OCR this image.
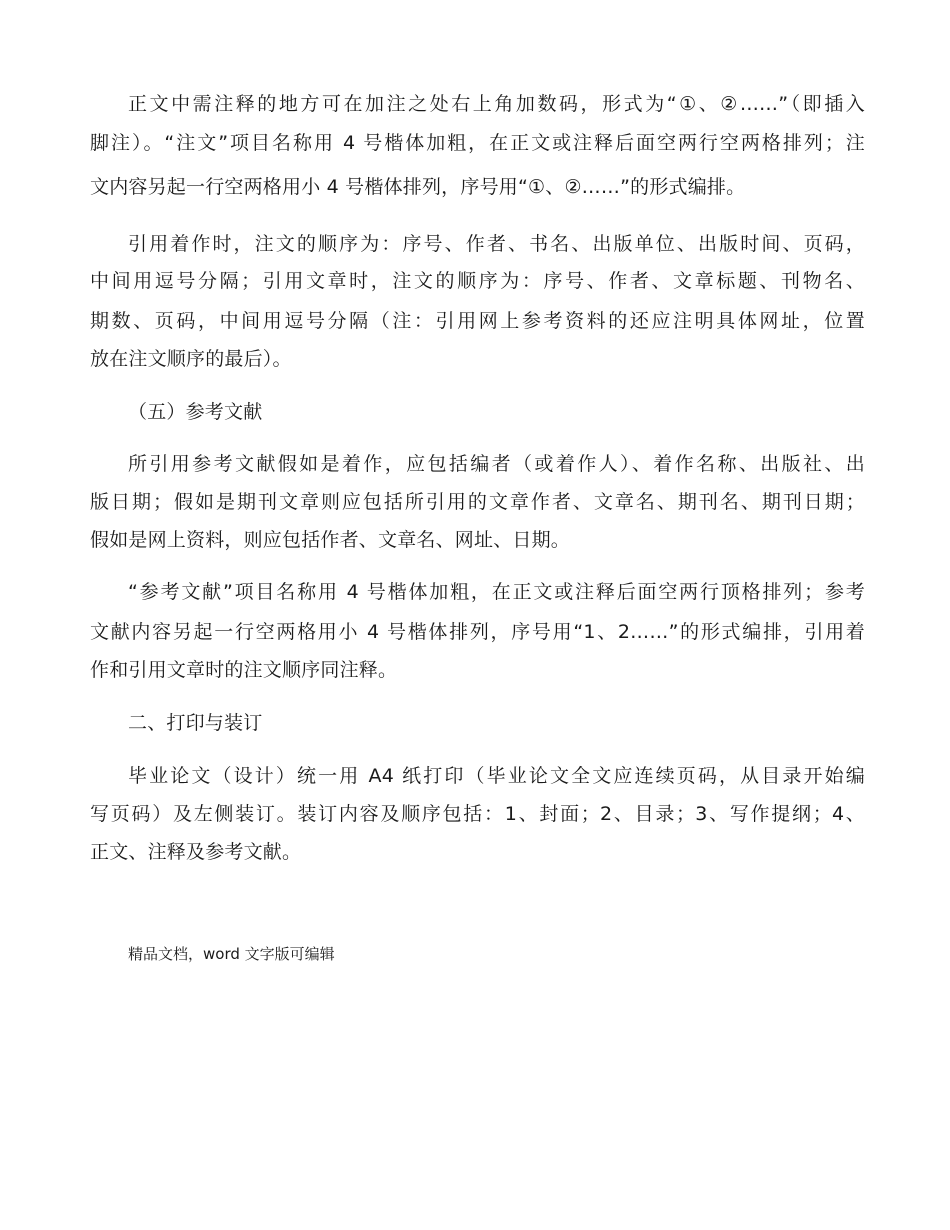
正文中需注释的地方可在加注之处右上角加数码，形式为“①、②……”（即插入
脚注）。“注文”项目名称用 4 号楷体加粗，在正文或注释后面空两行空两格排列；注
文内容另起一行空两格用小 4 号楷体排列，序号用“①、②……”的形式编排。
引用着作时，注文的顺序为：序号、作者、书名、出版单位、出版时间、页码，
中间用逗号分隔；引用文章时，注文的顺序为：序号、作者、文章标题、刊物名、
期数、页码，中间用逗号分隔（注：引用网上参考资料的还应注明具体网址，位置
放在注文顺序的最后）。
（五）参考文献
所引用参考文献假如是着作，应包括编者（或着作人）、着作名称、出版社、出
版日期；假如是期刊文章则应包括所引用的文章作者、文章名、期刊名、期刊日期；
假如是网上资料，则应包括作者、文章名、网址、日期。
“参考文献”项目名称用 4 号楷体加粗，在正文或注释后面空两行顶格排列；参考
文献内容另起一行空两格用小 4 号楷体排列，序号用“1、2……”的形式编排，引用着
作和引用文章时的注文顺序同注释。
二、打印与装订
毕业论文（设计）统一用 A4 纸打印（毕业论文全文应连续页码，从目录开始编
写页码）及左侧装订。装订内容及顺序包括：1、封面；2、目录；3、写作提纲；4、
正文、注释及参考文献。
精品文档，word 文字版可编辑
